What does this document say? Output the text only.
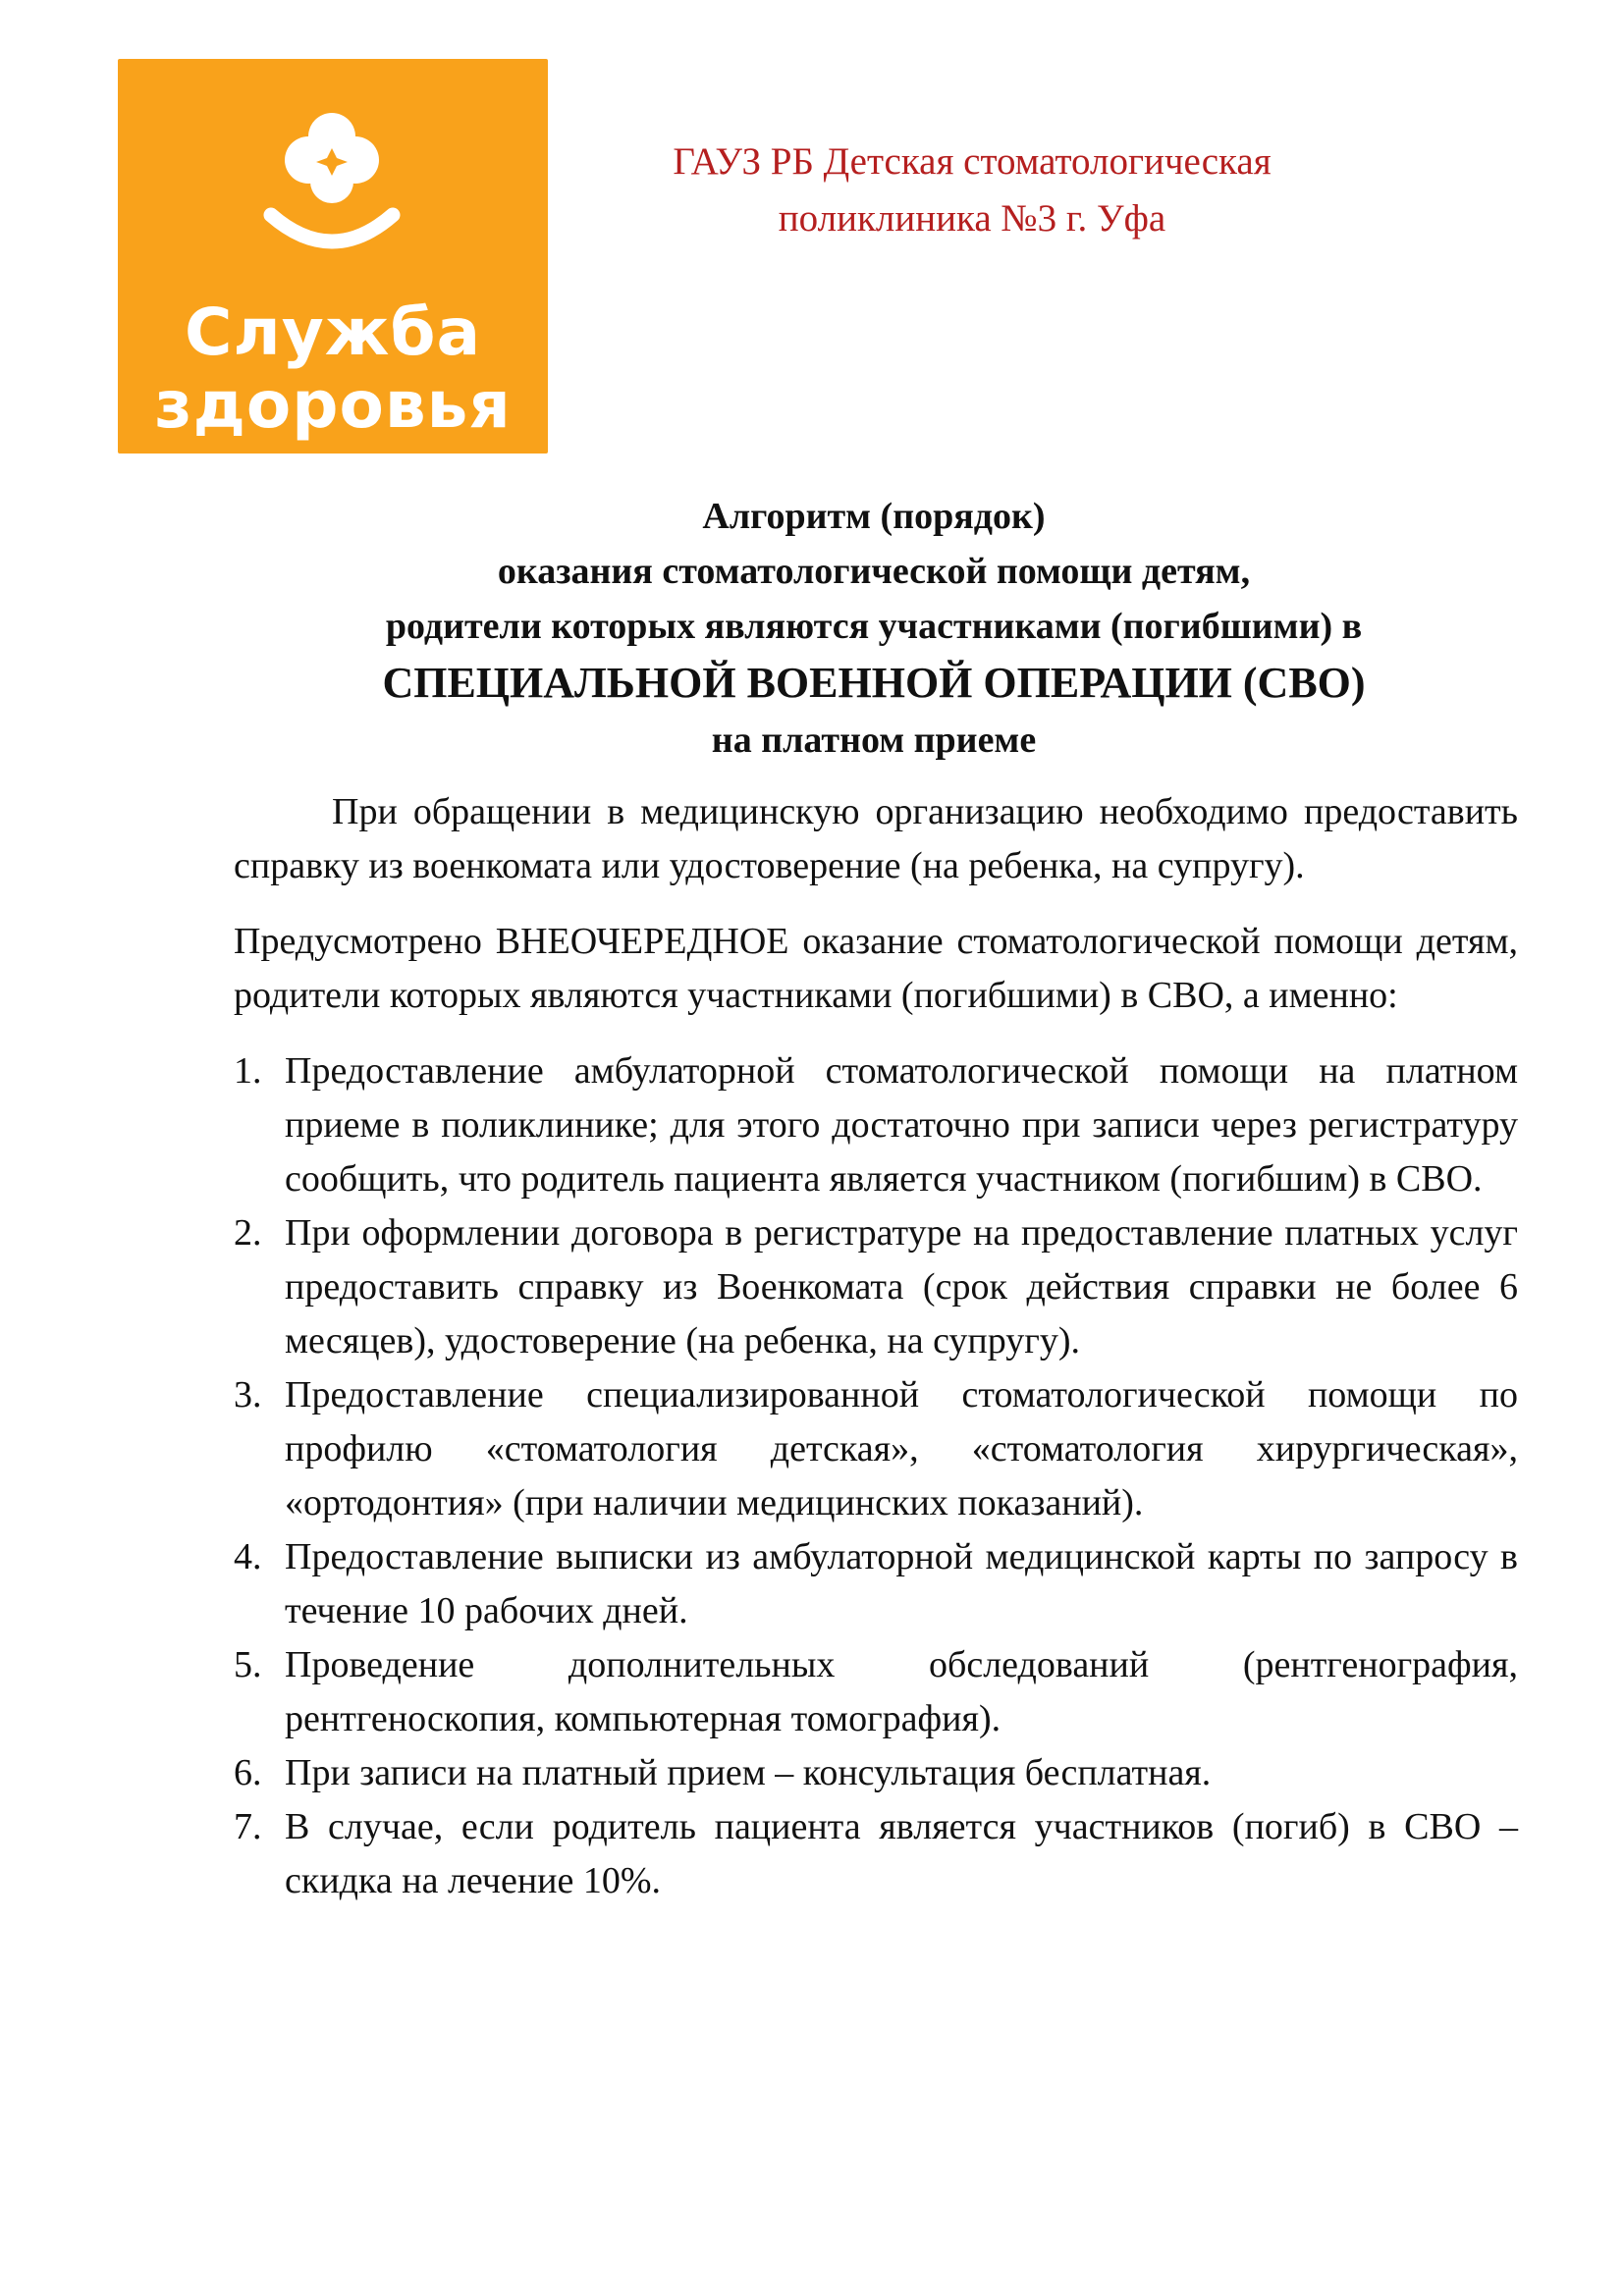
Служба
здоровья
ГАУЗ РБ Детская стоматологическая
поликлиника №3 г. Уфа
Алгоритм (порядок)
оказания стоматологической помощи детям,
родители которых являются участниками (погибшими) в
СПЕЦИАЛЬНОЙ ВОЕННОЙ ОПЕРАЦИИ (СВО)
на платном приеме

При обращении в медицинскую организацию необходимо предоставить справку из военкомата или удостоверение (на ребенка, на супругу).

Предусмотрено ВНЕОЧЕРЕДНОЕ оказание стоматологической помощи детям, родители которых являются участниками (погибшими) в СВО, а именно:

1. Предоставление амбулаторной стоматологической помощи на платном приеме в поликлинике; для этого достаточно при записи через регистратуру сообщить, что родитель пациента является участником (погибшим) в СВО.
2. При оформлении договора в регистратуре на предоставление платных услуг предоставить справку из Военкомата (срок действия справки не более 6 месяцев), удостоверение (на ребенка, на супругу).
3. Предоставление специализированной стоматологической помощи по профилю «стоматология детская», «стоматология хирургическая», «ортодонтия» (при наличии медицинских показаний).
4. Предоставление выписки из амбулаторной медицинской карты по запросу в течение 10 рабочих дней.
5. Проведение дополнительных обследований (рентгенография, рентгеноскопия, компьютерная томография).
6. При записи на платный прием – консультация бесплатная.
7. В случае, если родитель пациента является участников (погиб) в СВО – скидка на лечение 10%.
